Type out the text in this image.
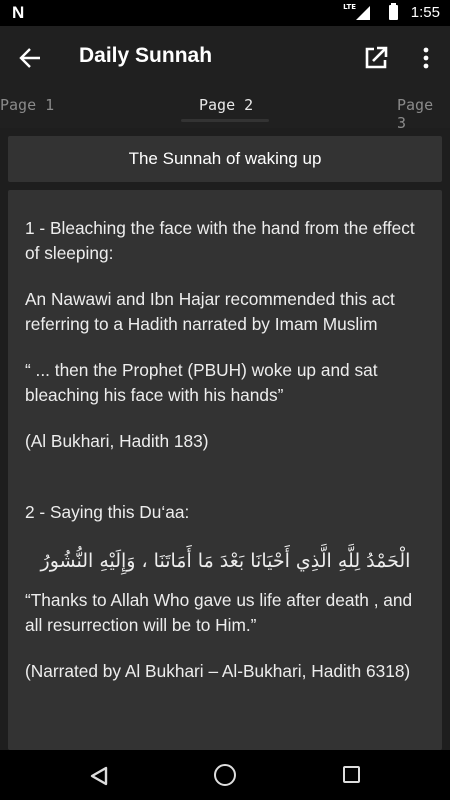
N	LTE	1:55
Daily Sunnah
Page 1	Page 2	Page 3
The Sunnah of waking up

1 - Bleaching the face with the hand from the effect of sleeping:

An Nawawi and Ibn Hajar recommended this act referring to a Hadith narrated by Imam Muslim

“ ... then the Prophet (PBUH) woke up and sat bleaching his face with his hands”

(Al Bukhari, Hadith 183)

2 - Saying this Du‘aa:

الْحَمْدُ لِلَّهِ الَّذِي أَحْيَانَا بَعْدَ مَا أَمَاتَنَا ، وَإِلَيْهِ النُّشُورُ

“Thanks to Allah Who gave us life after death , and all resurrection will be to Him.”

(Narrated by Al Bukhari – Al-Bukhari, Hadith 6318)
